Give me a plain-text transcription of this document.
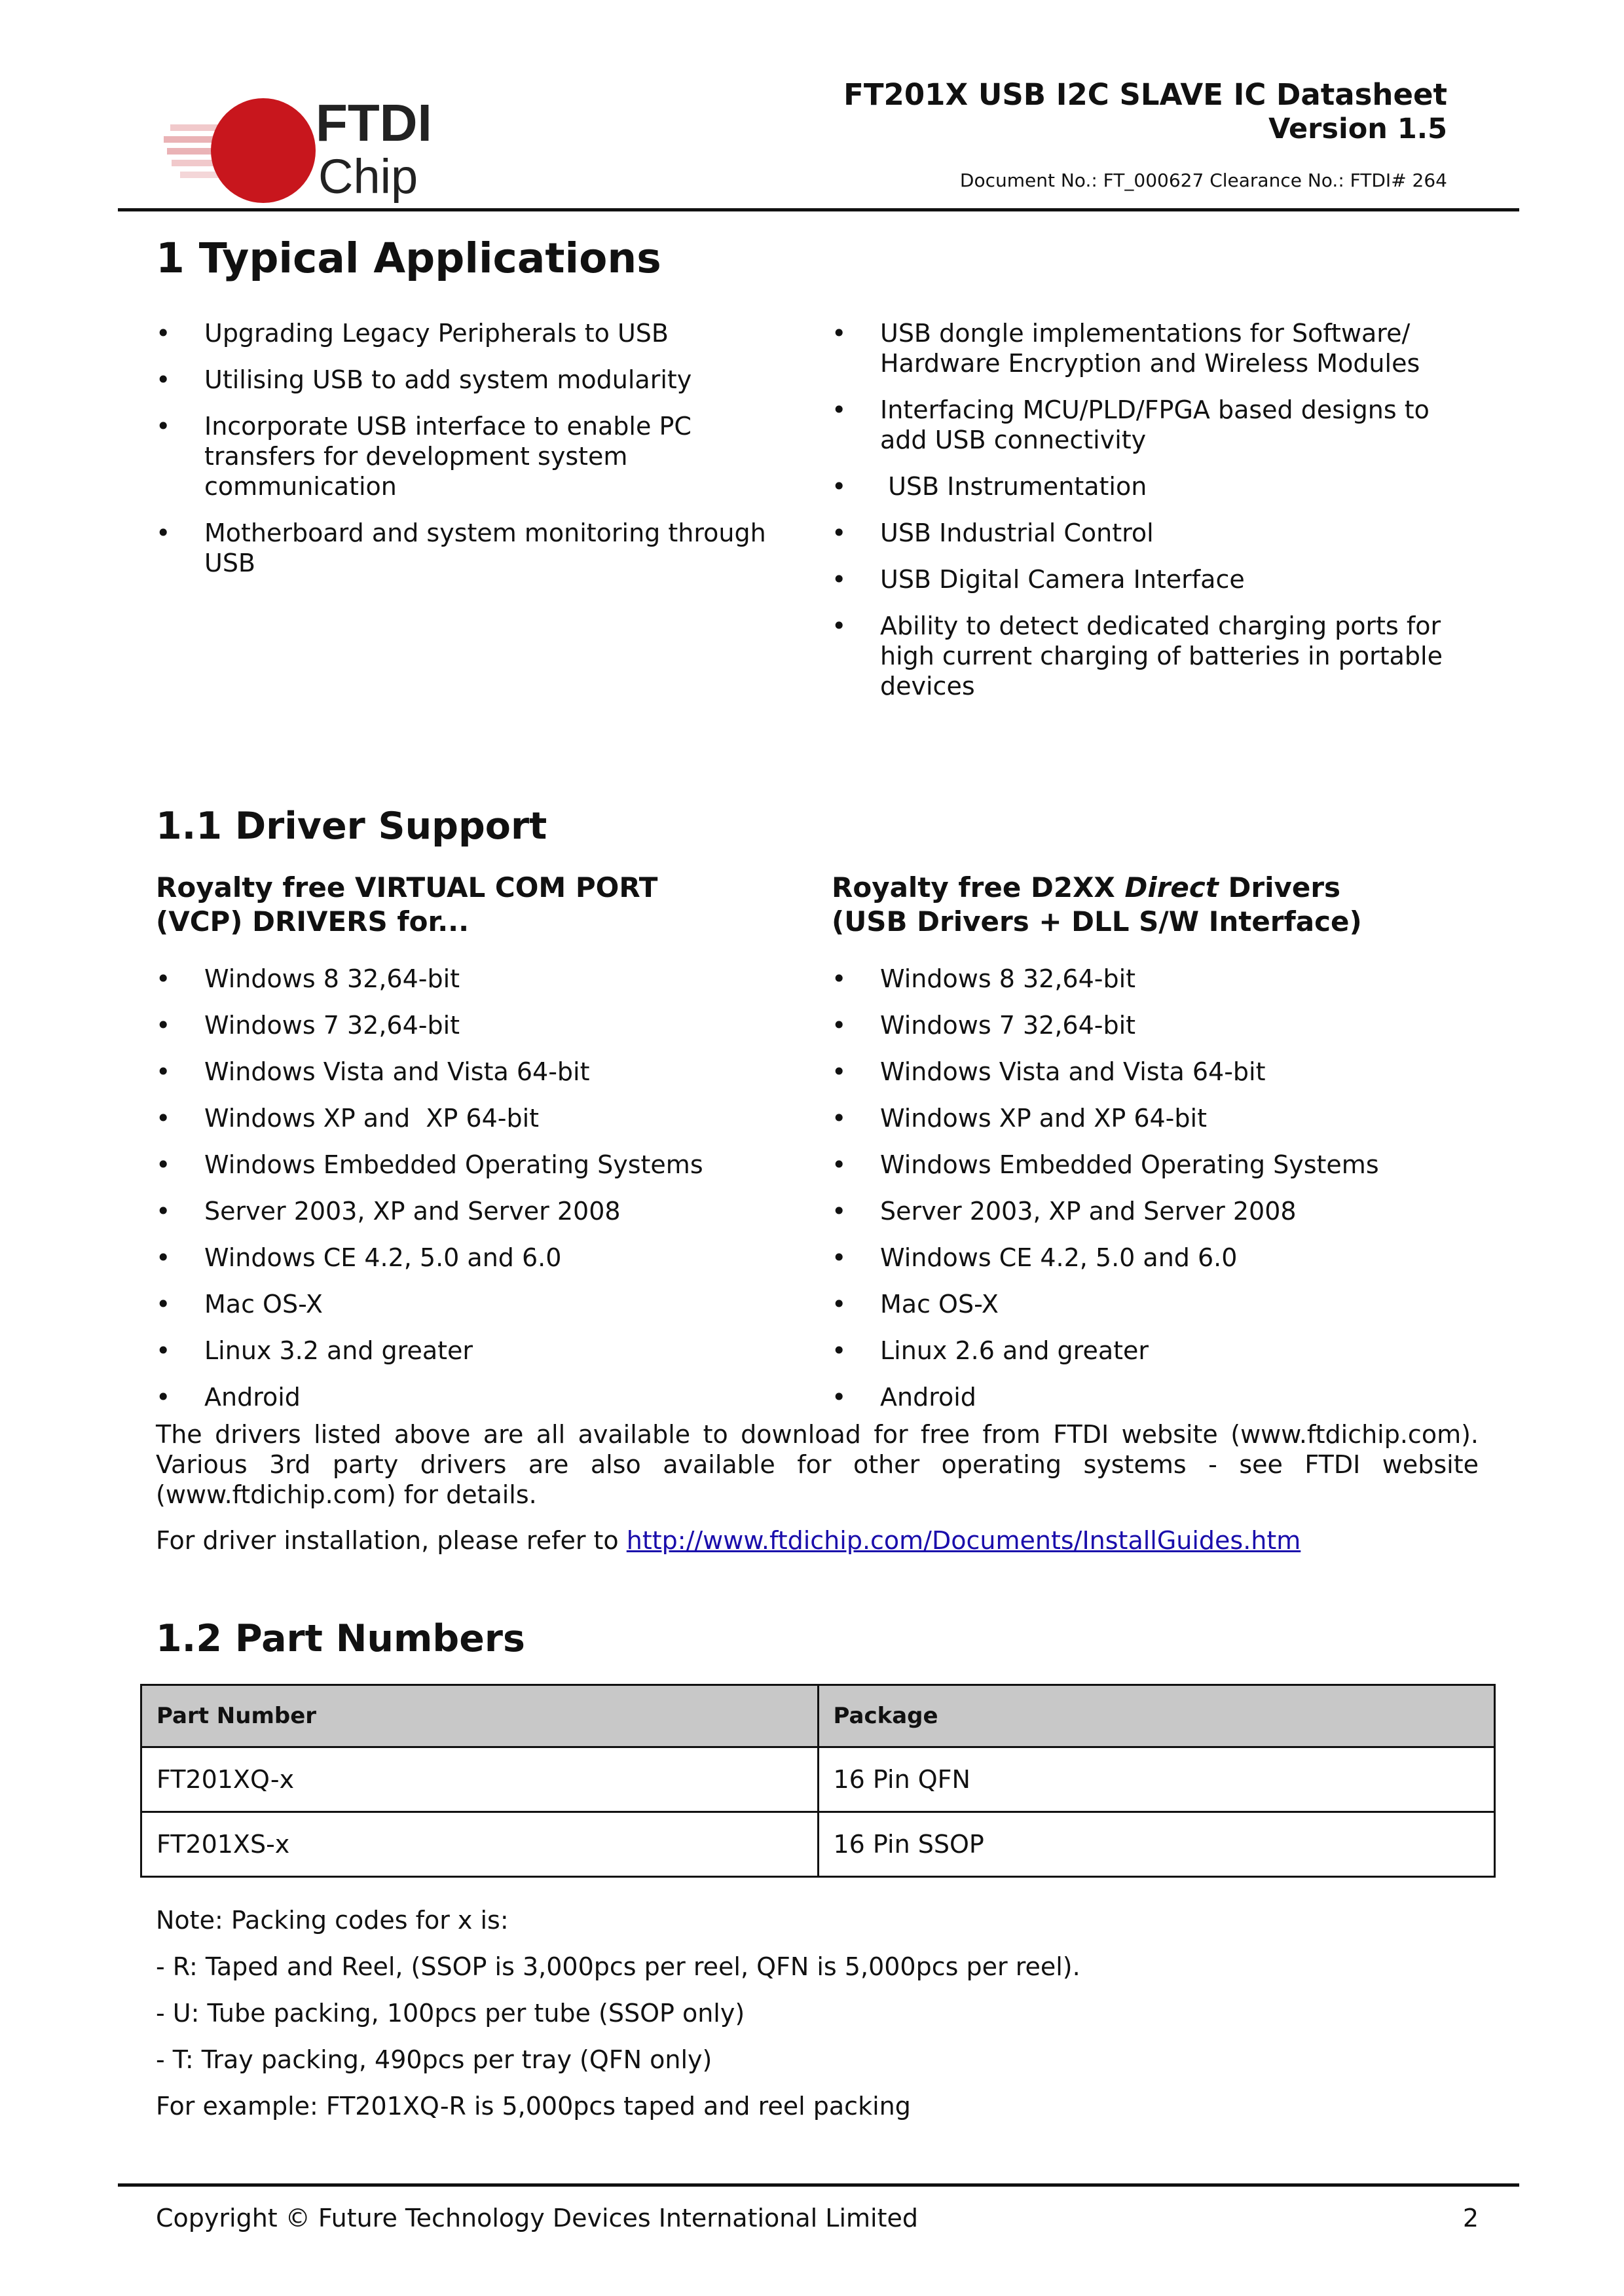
FTDI
Chip
FT201X USB I2C SLAVE IC Datasheet
Version 1.5
Document No.: FT_000627 Clearance No.: FTDI# 264
1 Typical Applications
• Upgrading Legacy Peripherals to USB
• Utilising USB to add system modularity
• Incorporate USB interface to enable PC transfers for development system communication
• Motherboard and system monitoring through USB
• USB dongle implementations for Software/ Hardware Encryption and Wireless Modules
• Interfacing MCU/PLD/FPGA based designs to add USB connectivity
•  USB Instrumentation
• USB Industrial Control
• USB Digital Camera Interface
• Ability to detect dedicated charging ports for high current charging of batteries in portable devices
1.1 Driver Support
Royalty free VIRTUAL COM PORT
(VCP) DRIVERS for...
Royalty free D2XX Direct Drivers
(USB Drivers + DLL S/W Interface)
• Windows 8 32,64-bit
• Windows 7 32,64-bit
• Windows Vista and Vista 64-bit
• Windows XP and  XP 64-bit
• Windows Embedded Operating Systems
• Server 2003, XP and Server 2008
• Windows CE 4.2, 5.0 and 6.0
• Mac OS-X
• Linux 3.2 and greater
• Android
• Windows 8 32,64-bit
• Windows 7 32,64-bit
• Windows Vista and Vista 64-bit
• Windows XP and XP 64-bit
• Windows Embedded Operating Systems
• Server 2003, XP and Server 2008
• Windows CE 4.2, 5.0 and 6.0
• Mac OS-X
• Linux 2.6 and greater
• Android
The drivers listed above are all available to download for free from FTDI website (www.ftdichip.com).
Various 3rd party drivers are also available for other operating systems - see FTDI website
(www.ftdichip.com) for details.
For driver installation, please refer to http://www.ftdichip.com/Documents/InstallGuides.htm
1.2 Part Numbers
Part Number	Package
FT201XQ-x	16 Pin QFN
FT201XS-x	16 Pin SSOP
Note: Packing codes for x is:
- R: Taped and Reel, (SSOP is 3,000pcs per reel, QFN is 5,000pcs per reel).
- U: Tube packing, 100pcs per tube (SSOP only)
- T: Tray packing, 490pcs per tray (QFN only)
For example: FT201XQ-R is 5,000pcs taped and reel packing
Copyright © Future Technology Devices International Limited	2
